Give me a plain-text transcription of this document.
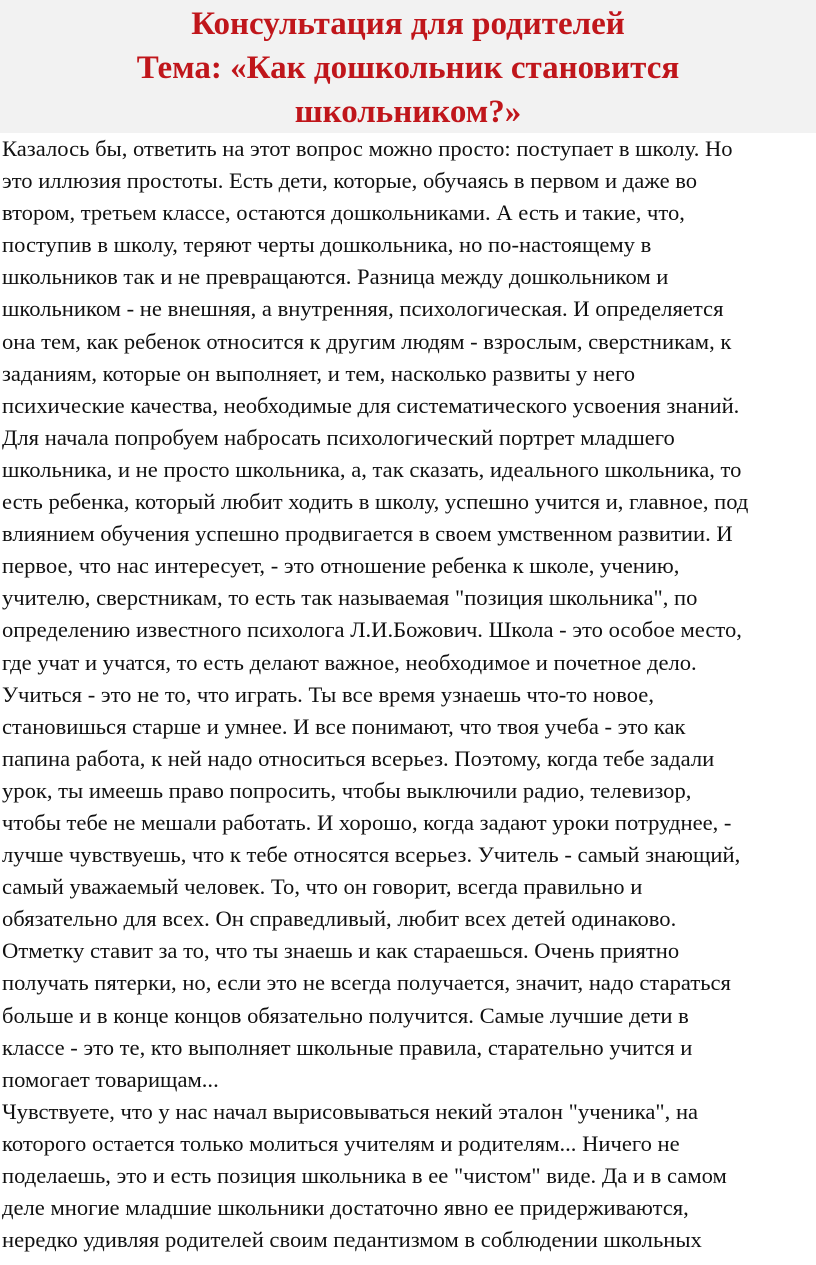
Консультация для родителей
Тема: «Как дошкольник становится
школьником?»
Казалось бы, ответить на этот вопрос можно просто: поступает в школу. Но
это иллюзия простоты. Есть дети, которые, обучаясь в первом и даже во
втором, третьем классе, остаются дошкольниками. А есть и такие, что,
поступив в школу, теряют черты дошкольника, но по-настоящему в
школьников так и не превращаются. Разница между дошкольником и
школьником - не внешняя, а внутренняя, психологическая. И определяется
она тем, как ребенок относится к другим людям - взрослым, сверстникам, к
заданиям, которые он выполняет, и тем, насколько развиты у него
психические качества, необходимые для систематического усвоения знаний.
Для начала попробуем набросать психологический портрет младшего
школьника, и не просто школьника, а, так сказать, идеального школьника, то
есть ребенка, который любит ходить в школу, успешно учится и, главное, под
влиянием обучения успешно продвигается в своем умственном развитии. И
первое, что нас интересует, - это отношение ребенка к школе, учению,
учителю, сверстникам, то есть так называемая "позиция школьника", по
определению известного психолога Л.И.Божович. Школа - это особое место,
где учат и учатся, то есть делают важное, необходимое и почетное дело.
Учиться - это не то, что играть. Ты все время узнаешь что-то новое,
становишься старше и умнее. И все понимают, что твоя учеба - это как
папина работа, к ней надо относиться всерьез. Поэтому, когда тебе задали
урок, ты имеешь право попросить, чтобы выключили радио, телевизор,
чтобы тебе не мешали работать. И хорошо, когда задают уроки потруднее, -
лучше чувствуешь, что к тебе относятся всерьез. Учитель - самый знающий,
самый уважаемый человек. То, что он говорит, всегда правильно и
обязательно для всех. Он справедливый, любит всех детей одинаково.
Отметку ставит за то, что ты знаешь и как стараешься. Очень приятно
получать пятерки, но, если это не всегда получается, значит, надо стараться
больше и в конце концов обязательно получится. Самые лучшие дети в
классе - это те, кто выполняет школьные правила, старательно учится и
помогает товарищам...
Чувствуете, что у нас начал вырисовываться некий эталон "ученика", на
которого остается только молиться учителям и родителям... Ничего не
поделаешь, это и есть позиция школьника в ее "чистом" виде. Да и в самом
деле многие младшие школьники достаточно явно ее придерживаются,
нередко удивляя родителей своим педантизмом в соблюдении школьных
